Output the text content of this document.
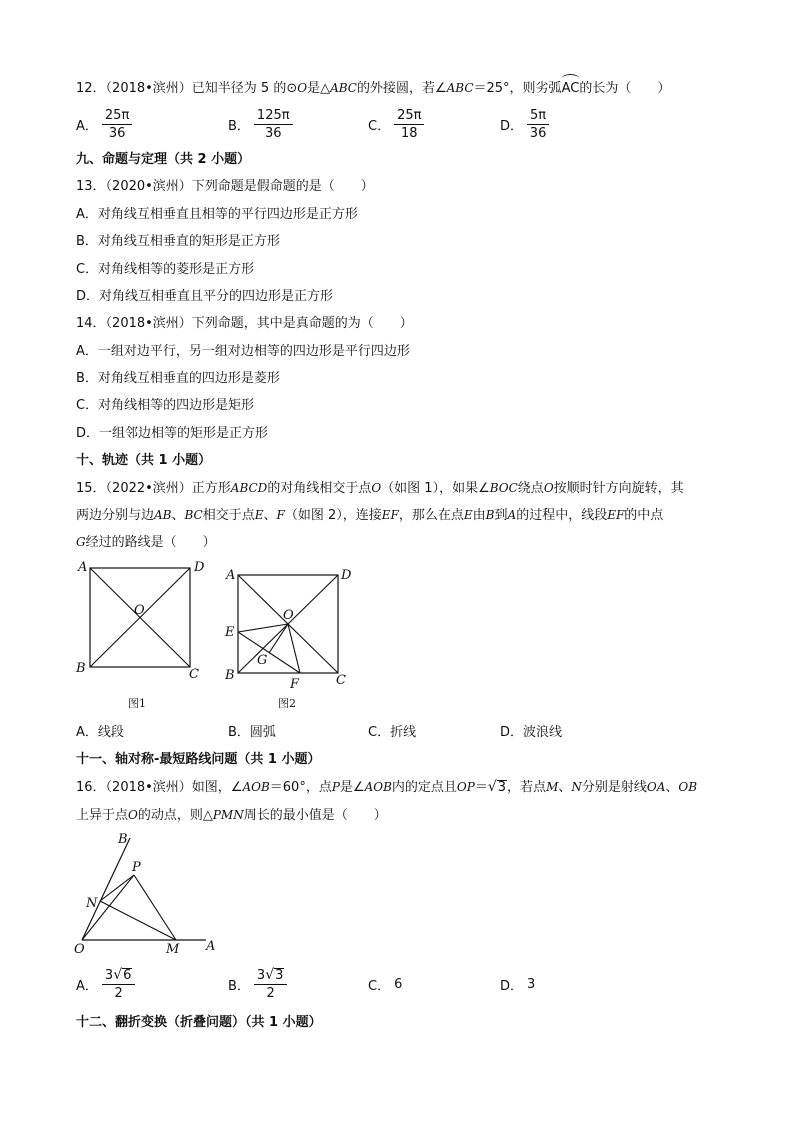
12．（2018•滨州）已知半径为 5 的⊙O是△ABC的外接圆，若∠ABC＝25°，则劣弧AC的长为（　　）
A． $\frac{25\pi}{36}$	B． $\frac{125\pi}{36}$	C． $\frac{25\pi}{18}$	D． $\frac{5\pi}{36}$
九、命题与定理（共 2 小题）
13．（2020•滨州）下列命题是假命题的是（　　）
A．对角线互相垂直且相等的平行四边形是正方形
B．对角线互相垂直的矩形是正方形
C．对角线相等的菱形是正方形
D．对角线互相垂直且平分的四边形是正方形
14．（2018•滨州）下列命题，其中是真命题的为（　　）
A．一组对边平行，另一组对边相等的四边形是平行四边形
B．对角线互相垂直的四边形是菱形
C．对角线相等的四边形是矩形
D．一组邻边相等的矩形是正方形
十、轨迹（共 1 小题）
15．（2022•滨州）正方形ABCD的对角线相交于点O（如图 1），如果∠BOC绕点O按顺时针方向旋转，其
两边分别与边AB、BC相交于点E、F（如图 2），连接EF，那么在点E由B到A的过程中，线段EF的中点
G经过的路线是（　　）
A	D
B	C
O
图1
A	D
B	C
O
E
F
G
图2
A．线段	B．圆弧	C．折线	D．波浪线
十一、轴对称-最短路线问题（共 1 小题）
16．（2018•滨州）如图，∠AOB＝60°，点P是∠AOB内的定点且OP＝ √ 3 ，若点M、N分别是射线OA、OB
上异于点O的动点，则△PMN周长的最小值是（　　）
A
B
O
P
M
N
A． $\frac{3 √ 6}{2}$	B． $\frac{3 √ 3}{2}$	C． 6	D． 3
十二、翻折变换（折叠问题）（共 1 小题）
